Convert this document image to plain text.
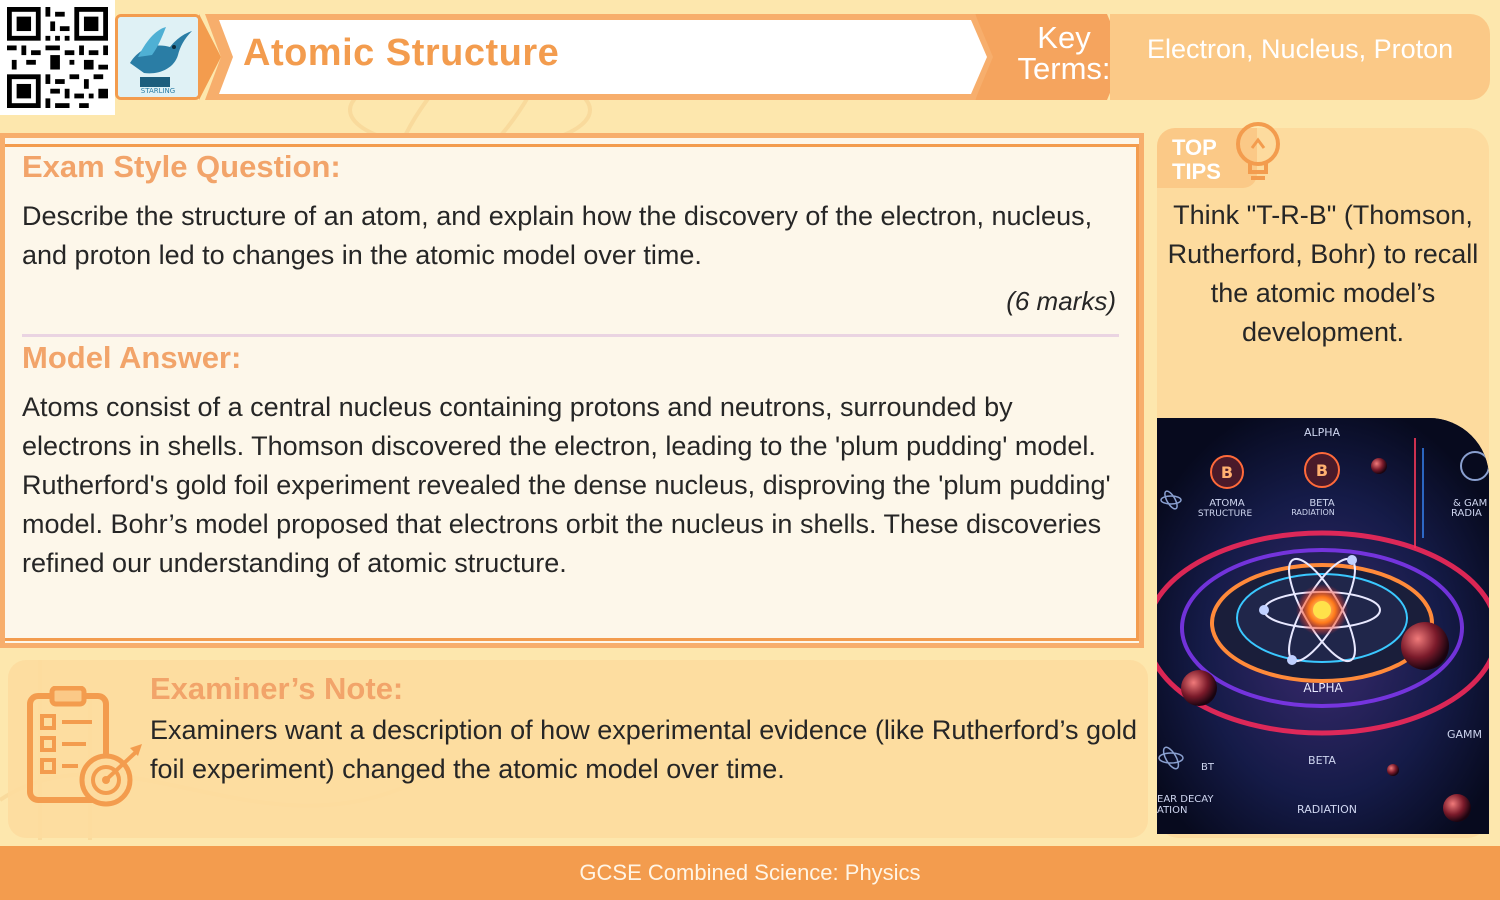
STARLING
Atomic Structure	Key
Terms:
Electron, Nucleus, Proton
Exam Style Question:
Describe the structure of an atom, and explain how the discovery of the electron, nucleus, and proton led to changes in the atomic model over time.
(6 marks)
Model Answer:
Atoms consist of a central nucleus containing protons and neutrons, surrounded by electrons in shells. Thomson discovered the electron, leading to the 'plum pudding' model. Rutherford's gold foil experiment revealed the dense nucleus, disproving the 'plum pudding' model. Bohr’s model proposed that electrons orbit the nucleus in shells. These discoveries refined our understanding of atomic structure.
Examiner’s Note:
Examiners want a description of how experimental evidence (like Rutherford’s gold foil experiment) changed the atomic model over time.
TOP
TIPS
Think "T-R-B" (Thomson, Rutherford, Bohr) to recall the atomic model’s development.
B	B
ALPHA
ATOMA
STRUCTURE
BETA
RADIATION
& GAM
RADIA
ALPHA
GAMM
BT
BETA
EAR DECAY
ATION	RADIATION
GCSE Combined Science: Physics
